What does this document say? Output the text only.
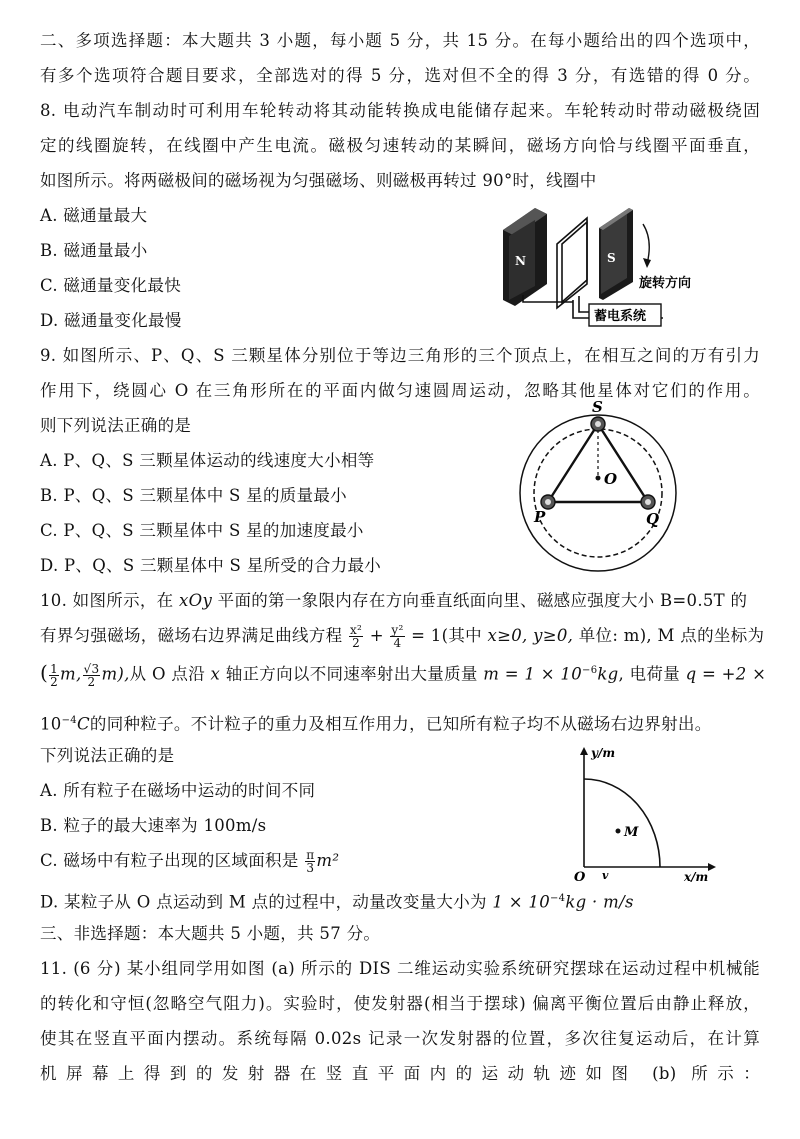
二、多项选择题：本大题共 3 小题，每小题 5 分，共 15 分。在每小题给出的四个选项中，
有多个选项符合题目要求，全部选对的得 5 分，选对但不全的得 3 分，有选错的得 0 分。
8. 电动汽车制动时可利用车轮转动将其动能转换成电能储存起来。车轮转动时带动磁极绕固
定的线圈旋转，在线圈中产生电流。磁极匀速转动的某瞬间，磁场方向恰与线圈平面垂直，
如图所示。将两磁极间的磁场视为匀强磁场、则磁极再转过 90°时，线圈中
A. 磁通量最大
B. 磁通量最小
C. 磁通量变化最快
D. 磁通量变化最慢
N	S
旋转方向
蓄电系统
9. 如图所示、P、Q、S 三颗星体分别位于等边三角形的三个顶点上，在相互之间的万有引力
作用下，绕圆心 O 在三角形所在的平面内做匀速圆周运动，忽略其他星体对它们的作用。
则下列说法正确的是
A. P、Q、S 三颗星体运动的线速度大小相等
B. P、Q、S 三颗星体中 S 星的质量最小
C. P、Q、S 三颗星体中 S 星的加速度最小
D. P、Q、S 三颗星体中 S 星所受的合力最小
S
O
P	Q
10. 如图所示，在 xOy 平面的第一象限内存在方向垂直纸面向里、磁感应强度大小 B=0.5T 的
有界匀强磁场，磁场右边界满足曲线方程 $\frac{\text{x²}}{2} + \frac{\text{y²}}{4} = 1$(其中 x≥0, y≥0, 单位: m), M 点的坐标为
( $\frac{1}{2} m$, $\frac{√3}{2} m$),从 O 点沿 x 轴正方向以不同速率射出大量质量 $m = 1 \times 10^{-6}kg$, 电荷量 q = +2 ×
$10^{-4}C$的同种粒子。不计粒子的重力及相互作用力，已知所有粒子均不从磁场右边界射出。
下列说法正确的是
A. 所有粒子在磁场中运动的时间不同
B. 粒子的最大速率为 100m/s
C. 磁场中有粒子出现的区域面积是 $\frac{\pi}{3} m^2$
D. 某粒子从 O 点运动到 M 点的过程中，动量改变量大小为 $1 \times 10^{-4}kg \cdot m/s$
y/m
x/m
O v
M
三、非选择题：本大题共 5 小题，共 57 分。
11. (6 分) 某小组同学用如图 (a) 所示的 DIS 二维运动实验系统研究摆球在运动过程中机械能
的转化和守恒(忽略空气阻力)。实验时，使发射器(相当于摆球) 偏离平衡位置后由静止释放，
使其在竖直平面内摆动。系统每隔 0.02s 记录一次发射器的位置，多次往复运动后，在计算
机屏幕上得到的发射器在竖直平面内的运动轨迹如图 (b) 所示：
